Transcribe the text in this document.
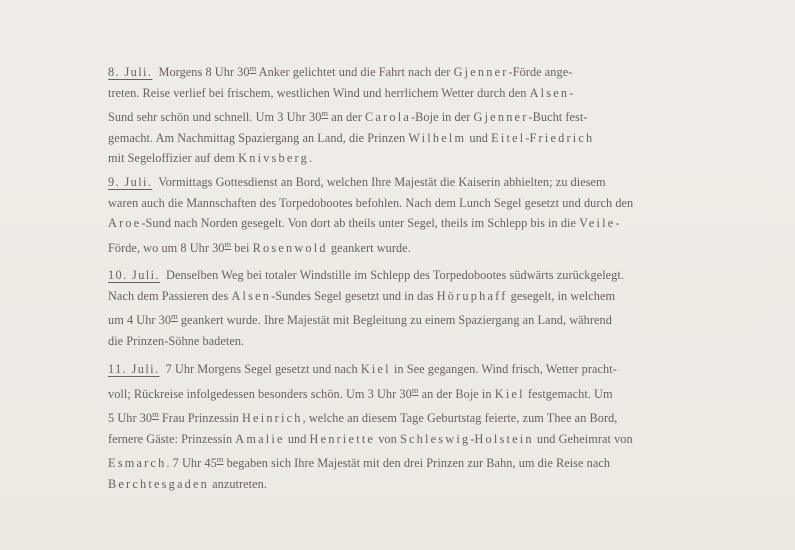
8. Juli. Morgens 8 Uhr 30$^m$ Anker gelichtet und die Fahrt nach der Gjenner-Förde ange-
treten. Reise verlief bei frischem, westlichen Wind und herrlichem Wetter durch den Alsen-
Sund sehr schön und schnell. Um 3 Uhr 30$^m$ an der Carola-Boje in der Gjenner-Bucht fest-
gemacht. Am Nachmittag Spaziergang an Land, die Prinzen Wilhelm und Eitel-Friedrich
mit Segeloffizier auf dem Knivsberg.
9. Juli. Vormittags Gottesdienst an Bord, welchen Ihre Majestät die Kaiserin abhielten; zu diesem
waren auch die Mannschaften des Torpedobootes befohlen. Nach dem Lunch Segel gesetzt und durch den
Aroe-Sund nach Norden gesegelt. Von dort ab theils unter Segel, theils im Schlepp bis in die Veile-
Förde, wo um 8 Uhr 30$^m$ bei Rosenwold geankert wurde.
10. Juli. Denselben Weg bei totaler Windstille im Schlepp des Torpedobootes südwärts zurückgelegt.
Nach dem Passieren des Alsen-Sundes Segel gesetzt und in das Höruphaff gesegelt, in welchem
um 4 Uhr 30$^m$ geankert wurde. Ihre Majestät mit Begleitung zu einem Spaziergang an Land, während
die Prinzen-Söhne badeten.
11. Juli. 7 Uhr Morgens Segel gesetzt und nach Kiel in See gegangen. Wind frisch, Wetter pracht-
voll; Rückreise infolgedessen besonders schön. Um 3 Uhr 30$^m$ an der Boje in Kiel festgemacht. Um
5 Uhr 30$^m$ Frau Prinzessin Heinrich, welche an diesem Tage Geburtstag feierte, zum Thee an Bord,
fernere Gäste: Prinzessin Amalie und Henriette von Schleswig-Holstein und Geheimrat von
Esmarch. 7 Uhr 45$^m$ begaben sich Ihre Majestät mit den drei Prinzen zur Bahn, um die Reise nach
Berchtesgaden anzutreten.
